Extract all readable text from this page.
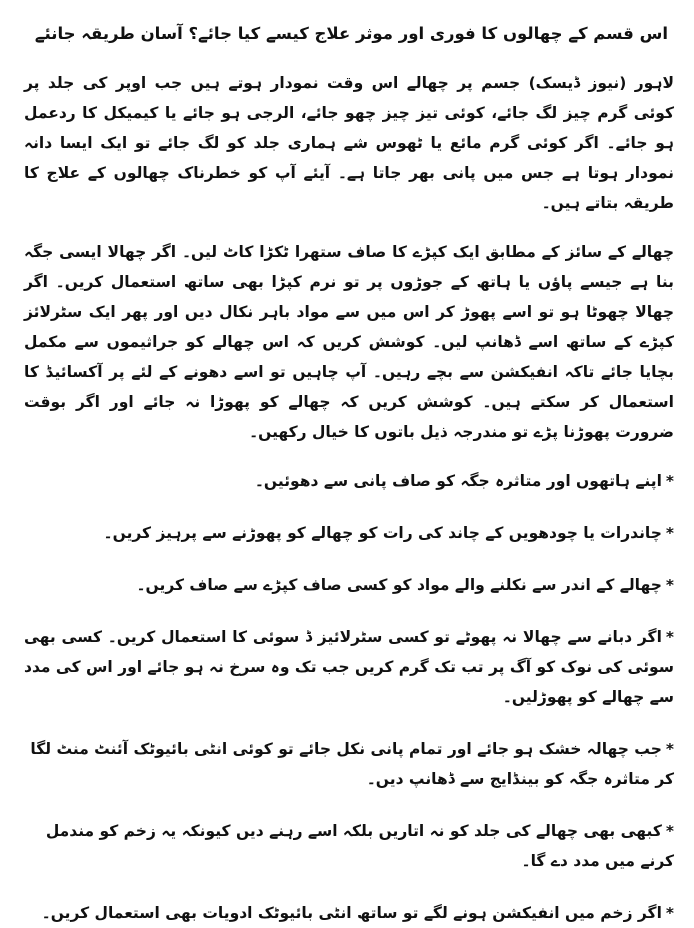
اس قسم کے چھالوں کا فوری اور موثر علاج کیسے کیا جائے؟ آسان طریقہ جانئے

لاہور (نیوز ڈیسک) جسم پر چھالے اس وقت نمودار ہوتے ہیں جب اوپر کی جلد پر کوئی گرم چیز لگ جائے، کوئی تیز چیز چھو جائے، الرجی ہو جائے یا کیمیکل کا ردعمل ہو جائے۔ اگر کوئی گرم مائع یا ٹھوس شے ہماری جلد کو لگ جائے تو ایک ایسا دانہ نمودار ہوتا ہے جس میں پانی بھر جاتا ہے۔ آیئے آپ کو خطرناک چھالوں کے علاج کا طریقہ بتاتے ہیں۔

چھالے کے سائز کے مطابق ایک کپڑے کا صاف ستھرا ٹکڑا کاٹ لیں۔ اگر چھالا ایسی جگہ بنا ہے جیسے پاؤں یا ہاتھ کے جوڑوں پر تو نرم کپڑا بھی ساتھ استعمال کریں۔ اگر چھالا چھوٹا ہو تو اسے پھوڑ کر اس میں سے مواد باہر نکال دیں اور پھر ایک سٹرلائز کپڑے کے ساتھ اسے ڈھانپ لیں۔ کوشش کریں کہ اس چھالے کو جراثیموں سے مکمل بچایا جائے تاکہ انفیکشن سے بچے رہیں۔ آپ چاہیں تو اسے دھونے کے لئے پر آکسائیڈ کا استعمال کر سکتے ہیں۔ کوشش کریں کہ چھالے کو پھوڑا نہ جائے اور اگر بوقت ضرورت پھوڑنا پڑے تو مندرجہ ذیل باتوں کا خیال رکھیں۔

*اپنے ہاتھوں اور متاثرہ جگہ کو صاف پانی سے دھوئیں۔
*چاندرات یا چودھویں کے چاند کی رات کو چھالے کو پھوڑنے سے پرہیز کریں۔
*چھالے کے اندر سے نکلنے والے مواد کو کسی صاف کپڑے سے صاف کریں۔
*اگر دبانے سے چھالا نہ پھوٹے تو کسی سٹرلائیز ڈ سوئی کا استعمال کریں۔ کسی بھی سوئی کی نوک کو آگ پر تب تک گرم کریں جب تک وہ سرخ نہ ہو جائے اور اس کی مدد سے چھالے کو پھوڑلیں۔
*جب چھالہ خشک ہو جائے اور تمام پانی نکل جائے تو کوئی انٹی بائیوٹک آئنٹ منٹ لگا کر متاثرہ جگہ کو بینڈایج سے ڈھانپ دیں۔
*کبھی بھی چھالے کی جلد کو نہ اتاریں بلکہ اسے رہنے دیں کیونکہ یہ زخم کو مندمل کرنے میں مدد دے گا۔
*اگر زخم میں انفیکشن ہونے لگے تو ساتھ انٹی بائیوٹک ادویات بھی استعمال کریں۔
